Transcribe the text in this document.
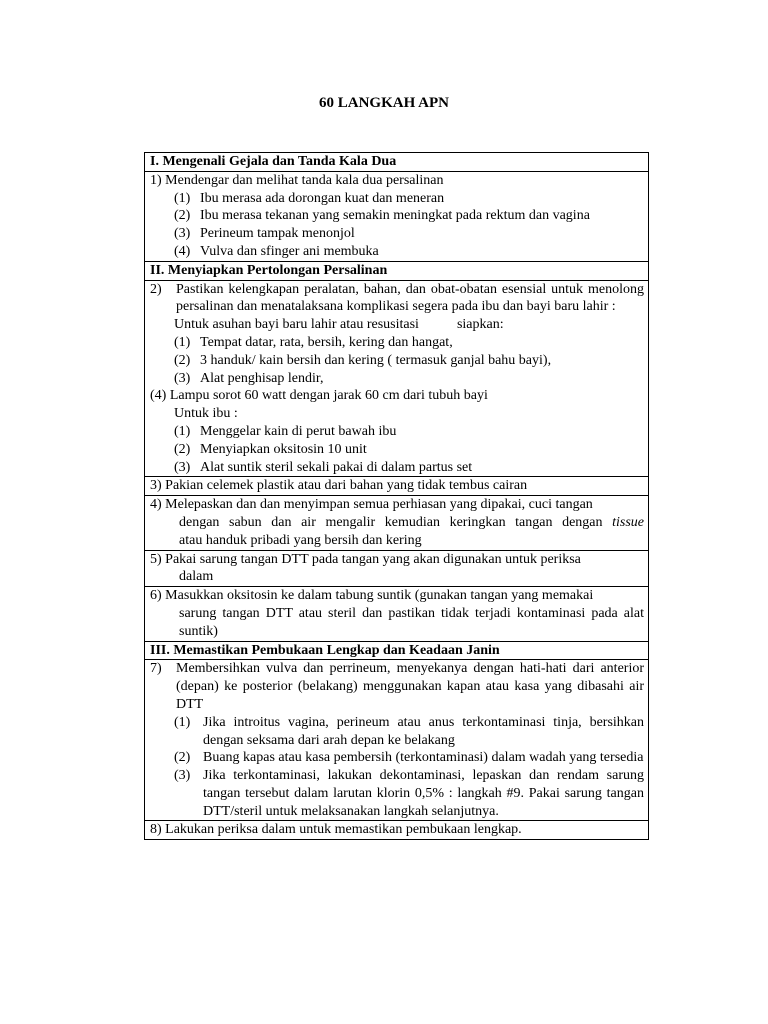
60 LANGKAH APN
I. Mengenali Gejala dan Tanda Kala Dua

1) Mendengar dan melihat tanda kala dua persalinan
(1) Ibu merasa ada dorongan kuat dan meneran
(2) Ibu merasa tekanan yang semakin meningkat pada rektum dan vagina
(3) Perineum tampak menonjol
(4) Vulva dan sfinger ani membuka

II. Menyiapkan Pertolongan Persalinan

2)	Pastikan kelengkapan peralatan, bahan, dan obat-obatan esensial untuk menolong persalinan dan menatalaksana komplikasi segera pada ibu dan bayi baru lahir :
Untuk asuhan bayi baru lahir atau resusitasi	siapkan:
(1) Tempat datar, rata, bersih, kering dan hangat,
(2) 3 handuk/ kain bersih dan kering ( termasuk ganjal bahu bayi),
(3) Alat penghisap lendir,
(4) Lampu sorot 60 watt dengan jarak 60 cm dari tubuh bayi
Untuk ibu :
(1) Menggelar kain di perut bawah ibu
(2) Menyiapkan oksitosin 10 unit
(3) Alat suntik steril sekali pakai di dalam partus set

3) Pakian celemek plastik atau dari bahan yang tidak tembus cairan

4) Melepaskan dan dan menyimpan semua perhiasan yang dipakai, cuci tangan
dengan sabun dan air mengalir kemudian keringkan tangan dengan tissue
atau handuk pribadi yang bersih dan kering

5) Pakai sarung tangan DTT pada tangan yang akan digunakan untuk periksa
dalam

6) Masukkan oksitosin ke dalam tabung suntik (gunakan tangan yang memakai
sarung tangan DTT atau steril dan pastikan tidak terjadi kontaminasi pada alat suntik)

III. Memastikan Pembukaan Lengkap dan Keadaan Janin

7)	Membersihkan vulva dan perrineum, menyekanya dengan hati-hati dari anterior (depan) ke posterior (belakang) menggunakan kapan atau kasa yang dibasahi air DTT
(1) Jika introitus vagina, perineum atau anus terkontaminasi tinja, bersihkan dengan seksama dari arah depan ke belakang
(2) Buang kapas atau kasa pembersih (terkontaminasi) dalam wadah yang tersedia
(3) Jika terkontaminasi, lakukan dekontaminasi, lepaskan dan rendam sarung tangan tersebut dalam larutan klorin 0,5% : langkah #9. Pakai sarung tangan DTT/steril untuk melaksanakan langkah selanjutnya.

8) Lakukan periksa dalam untuk memastikan pembukaan lengkap.
